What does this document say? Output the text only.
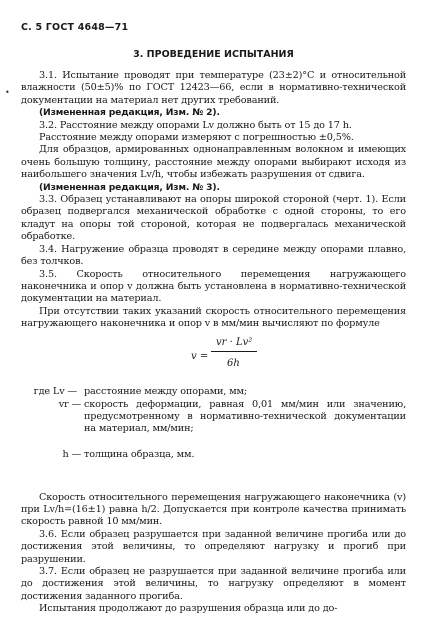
С. 5 ГОСТ 4648—71
3. ПРОВЕДЕНИЕ ИСПЫТАНИЯ

3.1. Испытание проводят при температуре (23±2)°С и относительной влажности (50±5)% по ГОСТ 12423—66, если в нормативно-технической документации на материал нет других требований.

(Измененная редакция, Изм. № 2).

3.2. Расстояние между опорами Lv должно быть от 15 до 17 h.

Расстояние между опорами измеряют с погрешностью ±0,5%.

Для образцов, армированных однонаправленным волокном и имеющих очень большую толщину, расстояние между опорами выбирают исходя из наибольшего значения Lv/h, чтобы избежать разрушения от сдвига.

(Измененная редакция, Изм. № 3).

3.3. Образец устанавливают на опоры широкой стороной (черт. 1). Если образец подвергался механической обработке с одной стороны, то его кладут на опоры той стороной, которая не подвергалась механической обработке.

3.4. Нагружение образца проводят в середине между опорами плавно, без толчков.

3.5. Скорость относительного перемещения нагружающего наконечника и опор v должна быть установлена в нормативно-технической документации на материал.

При отсутствии таких указаний скорость относительного перемещения нагружающего наконечника и опор v в мм/мин вычисляют по формуле

v =
vr · Lv²
6h
где Lv — расстояние между опорами, мм;
vr — скорость деформации, равная 0,01 мм/мин или значению, предусмотренному в нормативно-технической документации на материал, мм/мин;
h — толщина образца, мм.

Скорость относительного перемещения нагружающего наконечника (v) при Lv/h=(16±1) равна h/2. Допускается при контроле качества принимать скорость равной 10 мм/мин.

3.6. Если образец разрушается при заданной величине прогиба или до достижения этой величины, то определяют нагрузку и прогиб при разрушении.

3.7. Если образец не разрушается при заданной величине прогиба или до достижения этой величины, то нагрузку определяют в момент достижения заданного прогиба.

Испытания продолжают до разрушения образца или до до-

•
